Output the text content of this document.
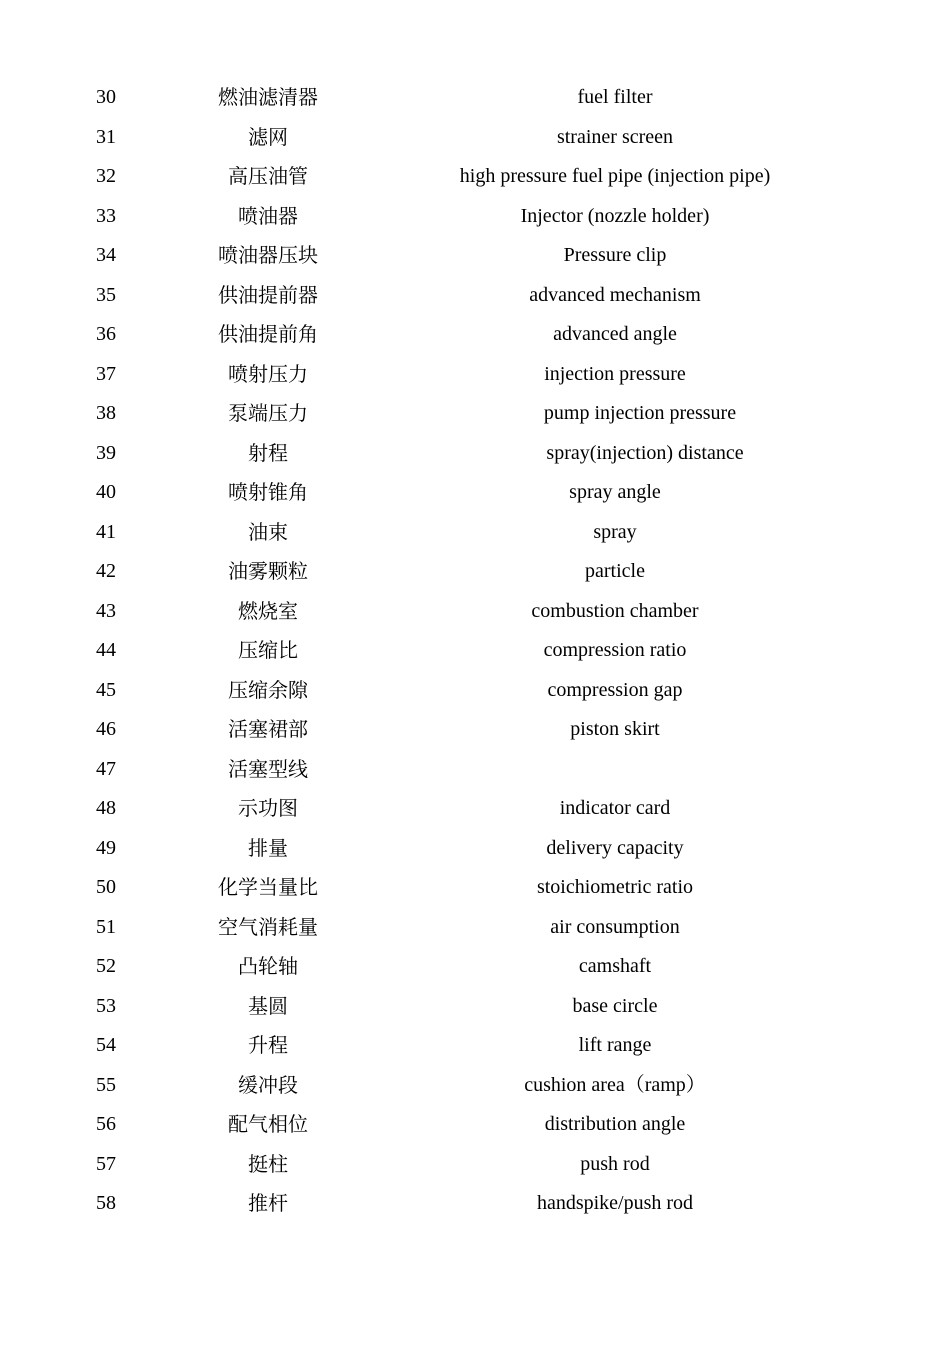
30	燃油滤清器	fuel filter
31	滤网	strainer screen
32	高压油管	high pressure fuel pipe (injection pipe)
33	喷油器	Injector (nozzle holder)
34	喷油器压块	Pressure clip
35	供油提前器	advanced mechanism
36	供油提前角	advanced angle
37	喷射压力	injection pressure
38	泵端压力	pump injection pressure
39	射程	spray(injection) distance
40	喷射锥角	spray angle
41	油束	spray
42	油雾颗粒	particle
43	燃烧室	combustion chamber
44	压缩比	compression ratio
45	压缩余隙	compression gap
46	活塞裙部	piston skirt
47	活塞型线
48	示功图	indicator card
49	排量	delivery capacity
50	化学当量比	stoichiometric ratio
51	空气消耗量	air consumption
52	凸轮轴	camshaft
53	基圆	base circle
54	升程	lift range
55	缓冲段	cushion area（ramp）
56	配气相位	distribution angle
57	挺柱	push rod
58	推杆	handspike/push rod
